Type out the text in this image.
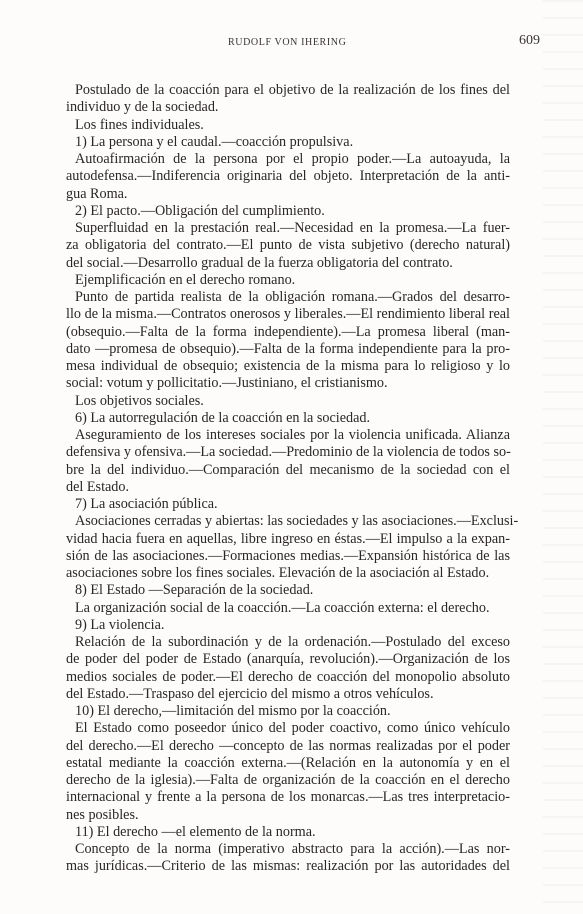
RUDOLF VON IHERING	609
Postulado de la coacción para el objetivo de la realización de los fines del
individuo y de la sociedad.
Los fines individuales.
1) La persona y el caudal.—coacción propulsiva.
Autoafirmación de la persona por el propio poder.—La autoayuda, la
autodefensa.—Indiferencia originaria del objeto. Interpretación de la anti-
gua Roma.
2) El pacto.—Obligación del cumplimiento.
Superfluidad en la prestación real.—Necesidad en la promesa.—La fuer-
za obligatoria del contrato.—El punto de vista subjetivo (derecho natural)
del social.—Desarrollo gradual de la fuerza obligatoria del contrato.
Ejemplificación en el derecho romano.
Punto de partida realista de la obligación romana.—Grados del desarro-
llo de la misma.—Contratos onerosos y liberales.—El rendimiento liberal real
(obsequio.—Falta de la forma independiente).—La promesa liberal (man-
dato —promesa de obsequio).—Falta de la forma independiente para la pro-
mesa individual de obsequio; existencia de la misma para lo religioso y lo
social: votum y pollicitatio.—Justiniano, el cristianismo.
Los objetivos sociales.
6) La autorregulación de la coacción en la sociedad.
Aseguramiento de los intereses sociales por la violencia unificada. Alianza
defensiva y ofensiva.—La sociedad.—Predominio de la violencia de todos so-
bre la del individuo.—Comparación del mecanismo de la sociedad con el
del Estado.
7) La asociación pública.
Asociaciones cerradas y abiertas: las sociedades y las asociaciones.—Exclusi-
vidad hacia fuera en aquellas, libre ingreso en éstas.—El impulso a la expan-
sión de las asociaciones.—Formaciones medias.—Expansión histórica de las
asociaciones sobre los fines sociales. Elevación de la asociación al Estado.
8) El Estado —Separación de la sociedad.
La organización social de la coacción.—La coacción externa: el derecho.
9) La violencia.
Relación de la subordinación y de la ordenación.—Postulado del exceso
de poder del poder de Estado (anarquía, revolución).—Organización de los
medios sociales de poder.—El derecho de coacción del monopolio absoluto
del Estado.—Traspaso del ejercicio del mismo a otros vehículos.
10) El derecho,—limitación del mismo por la coacción.
El Estado como poseedor único del poder coactivo, como único vehículo
del derecho.—El derecho —concepto de las normas realizadas por el poder
estatal mediante la coacción externa.—(Relación en la autonomía y en el
derecho de la iglesia).—Falta de organización de la coacción en el derecho
internacional y frente a la persona de los monarcas.—Las tres interpretacio-
nes posibles.
11) El derecho —el elemento de la norma.
Concepto de la norma (imperativo abstracto para la acción).—Las nor-
mas jurídicas.—Criterio de las mismas: realización por las autoridades del
